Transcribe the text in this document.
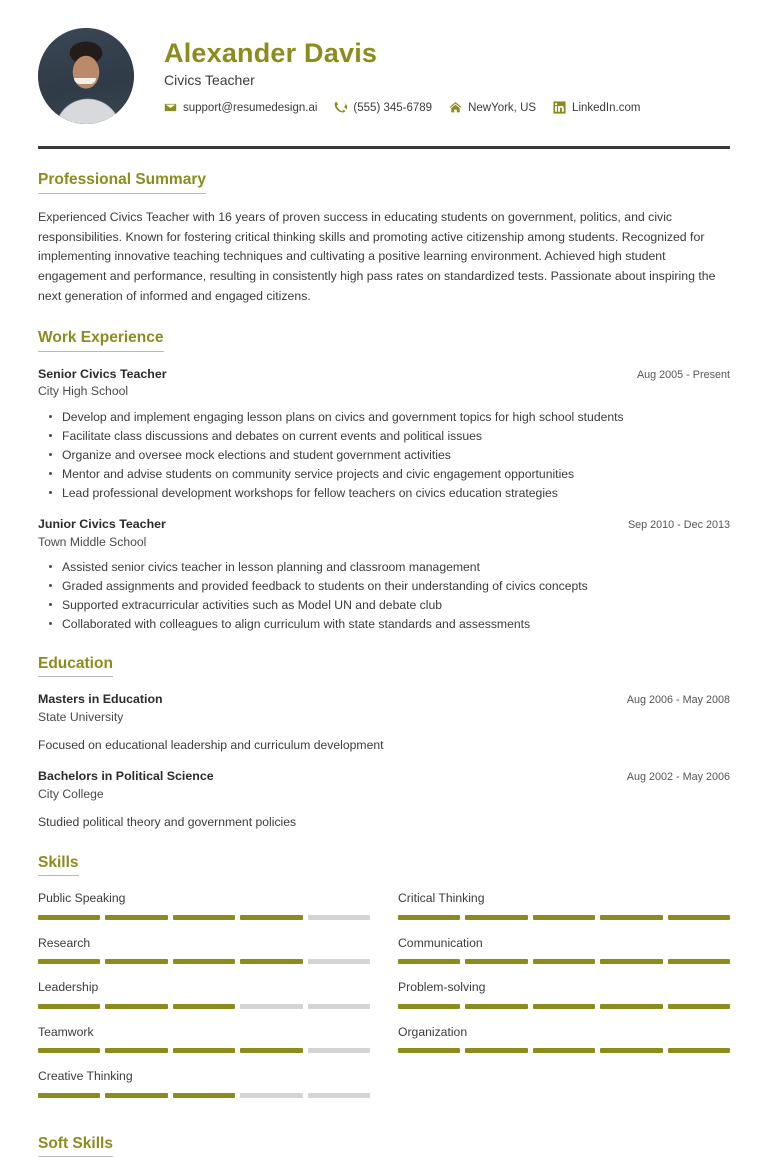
Alexander Davis
Civics Teacher
support@resumedesign.ai	(555) 345-6789	NewYork, US	LinkedIn.com
Professional Summary

Experienced Civics Teacher with 16 years of proven success in educating students on government, politics, and civic responsibilities. Known for fostering critical thinking skills and promoting active citizenship among students. Recognized for implementing innovative teaching techniques and cultivating a positive learning environment. Achieved high student engagement and performance, resulting in consistently high pass rates on standardized tests. Passionate about inspiring the next generation of informed and engaged citizens.

Work Experience
Senior Civics Teacher	Aug 2005 - Present
City High School
Develop and implement engaging lesson plans on civics and government topics for high school students
Facilitate class discussions and debates on current events and political issues
Organize and oversee mock elections and student government activities
Mentor and advise students on community service projects and civic engagement opportunities
Lead professional development workshops for fellow teachers on civics education strategies
Junior Civics Teacher	Sep 2010 - Dec 2013
Town Middle School
Assisted senior civics teacher in lesson planning and classroom management
Graded assignments and provided feedback to students on their understanding of civics concepts
Supported extracurricular activities such as Model UN and debate club
Collaborated with colleagues to align curriculum with state standards and assessments
Education
Masters in Education	Aug 2006 - May 2008
State University
Focused on educational leadership and curriculum development
Bachelors in Political Science	Aug 2002 - May 2006
City College
Studied political theory and government policies
Skills
Public Speaking	Critical Thinking
Research	Communication
Leadership	Problem-solving
Teamwork	Organization
Creative Thinking
Soft Skills
